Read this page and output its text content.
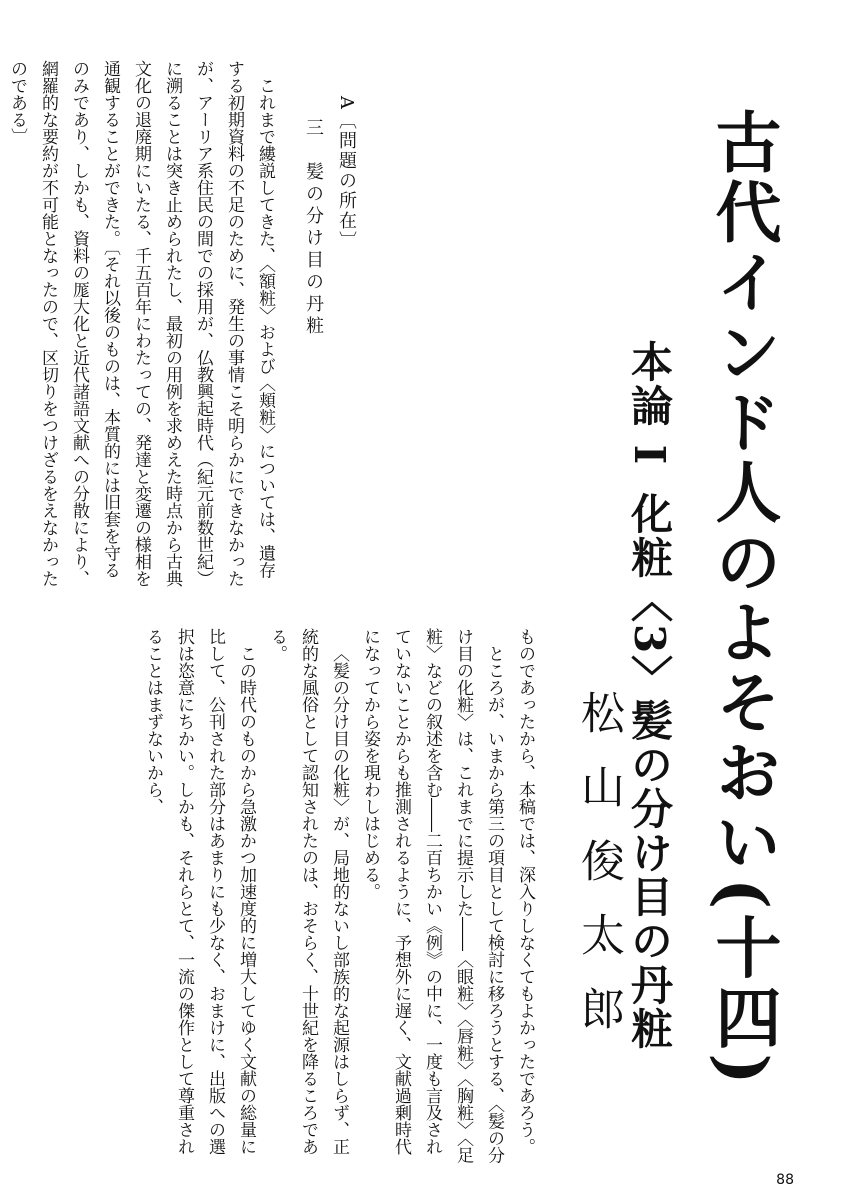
古代インド人のよそおい(十四)
本論 I
化粧〈3〉髪の分け目の丹粧
松山俊太郎
三　髪の分け目の丹粧 A〔問題の所在〕

これまで縷説してきた、〈額粧〉および〈頬粧〉については、遺存する初期資料の不足のために、発生の事情こそ明らかにできなかったが、アーリア系住民の間での採用が、仏教興起時代（紀元前数世紀）に溯ることは突き止められたし、最初の用例を求めえた時点から古典文化の退廃期にいたる、千五百年にわたっての、発達と変遷の様相を通観することができた。〔それ以後のものは、本質的には旧套を守るのみであり、しかも、資料の厖大化と近代諸語文献への分散により、網羅的な要約が不可能となったので、区切りをつけざるをえなかったのである〕

ものであったから、本稿では、深入りしなくてもよかったであろう。

ところが、いまから第三の項目として検討に移ろうとする、〈髪の分け目の化粧〉は、これまでに提示した――〈眼粧〉〈唇粧〉〈胸粧〉〈足粧〉などの叙述を含む――二百ちかい《例》の中に、一度も言及されていないことからも推測されるように、予想外に遅く、文献過剰時代になってから姿を現わしはじめる。

〈髪の分け目の化粧〉が、局地的ないし部族的な起源はしらず、正統的な風俗として認知されたのは、おそらく、十世紀を降るころである。

この時代のものから急激かつ加速度的に増大してゆく文献の総量に比して、公刊された部分はあまりにも少なく、おまけに、出版への選択は恣意にちかい。しかも、それらとて、一流の傑作として尊重されることはまずないから、

88
